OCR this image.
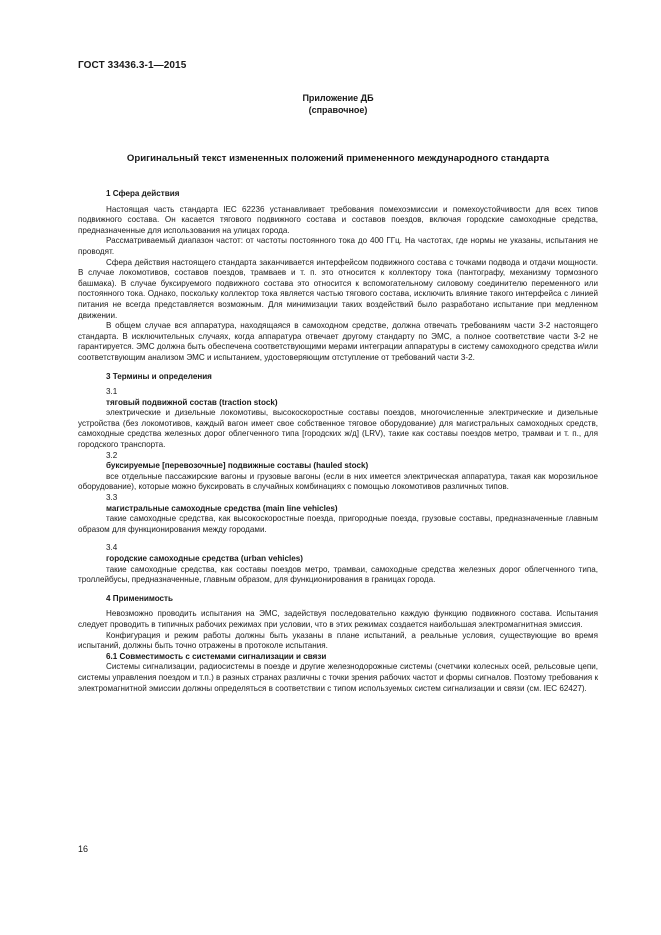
ГОСТ 33436.3-1—2015
Приложение ДБ
(справочное)
Оригинальный текст измененных положений примененного международного стандарта

1 Сфера действия

Настоящая часть стандарта IEC 62236 устанавливает требования помехоэмиссии и помехоустойчивости для всех типов подвижного состава. Он касается тягового подвижного состава и составов поездов, включая городские самоходные средства, предназначенные для использования на улицах города.

Рассматриваемый диапазон частот: от частоты постоянного тока до 400 ГГц. На частотах, где нормы не указаны, испытания не проводят.

Сфера действия настоящего стандарта заканчивается интерфейсом подвижного состава с точками подвода и отдачи мощности. В случае локомотивов, составов поездов, трамваев и т. п. это относится к коллектору тока (пантографу, механизму тормозного башмака). В случае буксируемого подвижного состава это относится к вспомогательному силовому соединителю переменного или постоянного тока. Однако, поскольку коллектор тока является частью тягового состава, исключить влияние такого интерфейса с линией питания не всегда представляется возможным. Для минимизации таких воздействий было разработано испытание при медленном движении.

В общем случае вся аппаратура, находящаяся в самоходном средстве, должна отвечать требованиям части 3-2 настоящего стандарта. В исключительных случаях, когда аппаратура отвечает другому стандарту по ЭМС, а полное соответствие части 3-2 не гарантируется. ЭМС должна быть обеспечена соответствующими мерами интеграции аппаратуры в систему самоходного средства и/или соответствующим анализом ЭМС и испытанием, удостоверяющим отступление от требований части 3-2.

3 Термины и определения

3.1

тяговый подвижной состав (traction stock)

электрические и дизельные локомотивы, высокоскоростные составы поездов, многочисленные электрические и дизельные устройства (без локомотивов, каждый вагон имеет свое собственное тяговое оборудование) для магистральных самоходных средств, самоходные средства железных дорог облегченного типа [городских ж/д] (LRV), такие как составы поездов метро, трамваи и т. п., для городского транспорта.

3.2

буксируемые [перевозочные] подвижные составы (hauled stock)

все отдельные пассажирские вагоны и грузовые вагоны (если в них имеется электрическая аппаратура, такая как морозильное оборудование), которые можно буксировать в случайных комбинациях с помощью локомотивов различных типов.

3.3

магистральные самоходные средства (main line vehicles)

такие самоходные средства, как высокоскоростные поезда, пригородные поезда, грузовые составы, предназначенные главным образом для функционирования между городами.

3.4

городские самоходные средства (urban vehicles)

такие самоходные средства, как составы поездов метро, трамваи, самоходные средства железных дорог облегченного типа, троллейбусы, предназначенные, главным образом, для функционирования в границах города.

4 Применимость

Невозможно проводить испытания на ЭМС, задействуя последовательно каждую функцию подвижного состава. Испытания следует проводить в типичных рабочих режимах при условии, что в этих режимах создается наибольшая электромагнитная эмиссия.

Конфигурация и режим работы должны быть указаны в плане испытаний, а реальные условия, существующие во время испытаний, должны быть точно отражены в протоколе испытания.

6.1 Совместимость с системами сигнализации и связи

Системы сигнализации, радиосистемы в поезде и другие железнодорожные системы (счетчики колесных осей, рельсовые цепи, системы управления поездом и т.п.) в разных странах различны с точки зрения рабочих частот и формы сигналов. Поэтому требования к электромагнитной эмиссии должны определяться в соответствии с типом используемых систем сигнализации и связи (см. IEC 62427).

16
